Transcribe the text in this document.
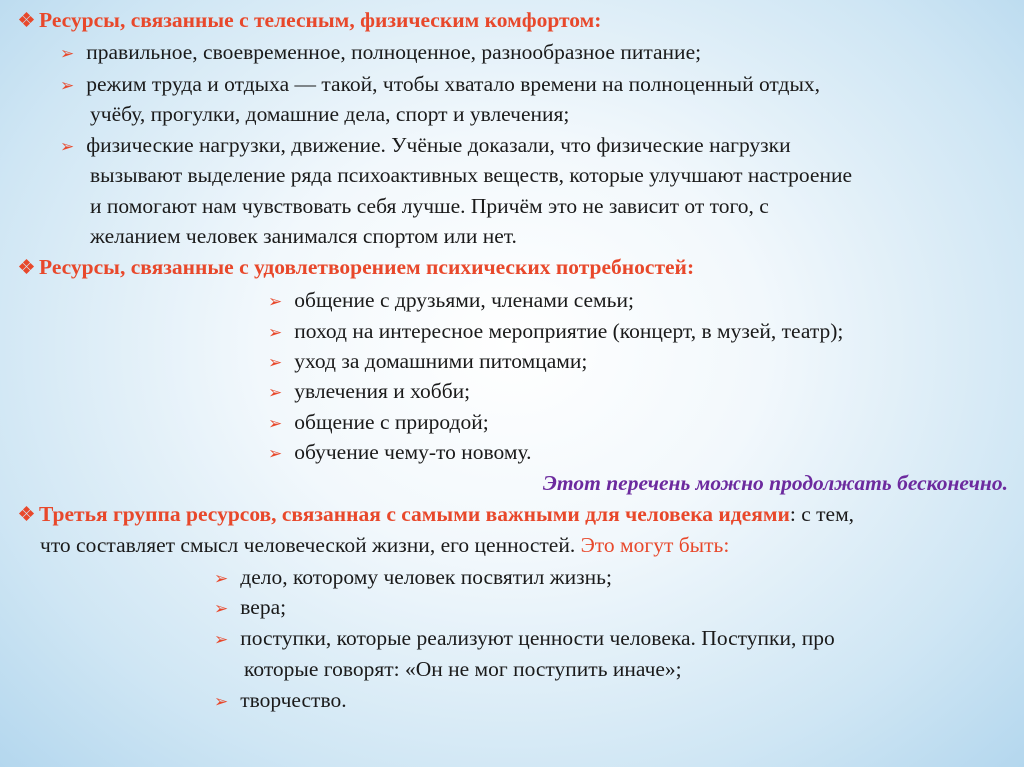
Ресурсы, связанные с телесным, физическим комфортом:
➢ правильное, своевременное, полноценное, разнообразное питание;
➢ режим труда и отдыха — такой, чтобы хватало времени на полноценный отдых,
учёбу, прогулки, домашние дела, спорт и увлечения;
➢ физические нагрузки, движение. Учёные доказали, что физические нагрузки
вызывают выделение ряда психоактивных веществ, которые улучшают настроение
и помогают нам чувствовать себя лучше. Причём это не зависит от того, с
желанием человек занимался спортом или нет.
Ресурсы, связанные с удовлетворением психических потребностей:
➢ общение с друзьями, членами семьи;
➢ поход на интересное мероприятие (концерт, в музей, театр);
➢ уход за домашними питомцами;
➢ увлечения и хобби;
➢ общение с природой;
➢ обучение чему-то новому.
Этот перечень можно продолжать бесконечно.
Третья группа ресурсов, связанная с самыми важными для человека идеями: с тем,
что составляет смысл человеческой жизни, его ценностей. Это могут быть:
➢ дело, которому человек посвятил жизнь;
➢ вера;
➢ поступки, которые реализуют ценности человека. Поступки, про
которые говорят: «Он не мог поступить иначе»;
➢ творчество.
